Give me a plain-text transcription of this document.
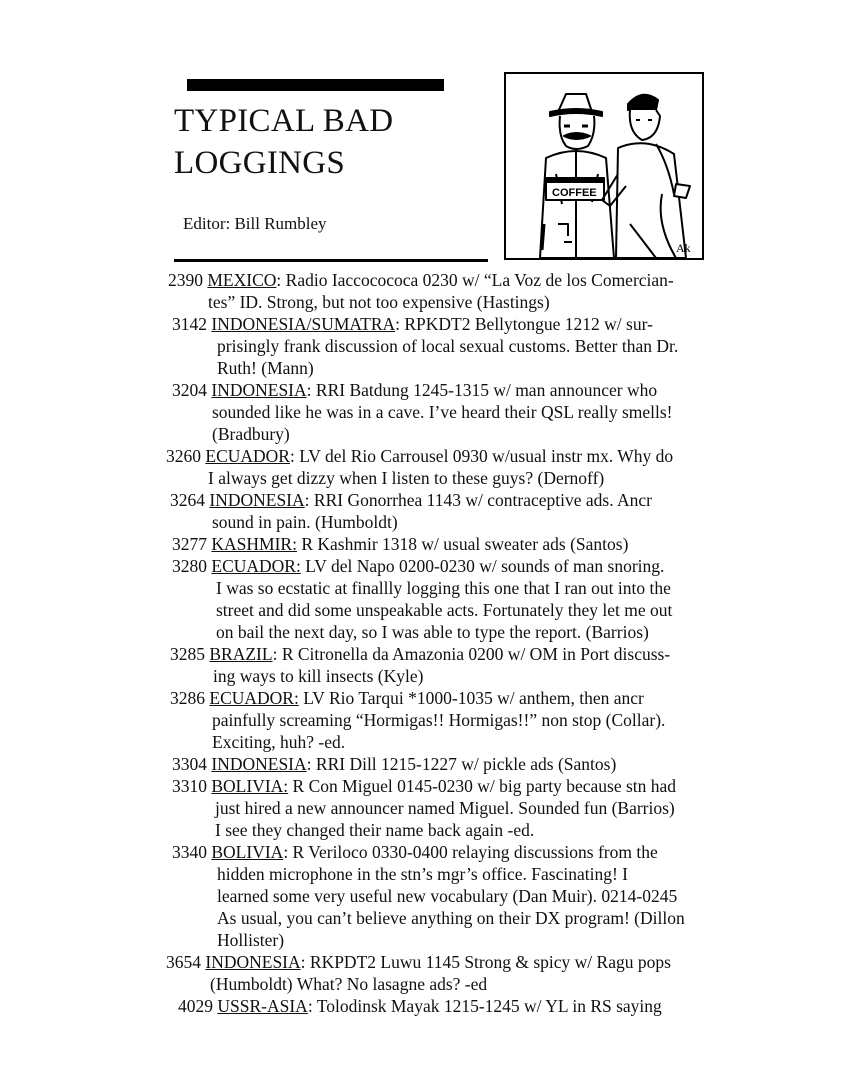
TYPICAL BAD
LOGGINGS
Editor: Bill Rumbley
COFFEE
Ak
2390 MEXICO: Radio Iaccocococa 0230 w/ “La Voz de los Comercian-
tes” ID. Strong, but not too expensive (Hastings)
3142 INDONESIA/SUMATRA: RPKDT2 Bellytongue 1212 w/ sur-
prisingly frank discussion of local sexual customs. Better than Dr.
Ruth! (Mann)
3204 INDONESIA: RRI Batdung 1245-1315 w/ man announcer who
sounded like he was in a cave. I’ve heard their QSL really smells!
(Bradbury)
3260 ECUADOR: LV del Rio Carrousel 0930 w/usual instr mx. Why do
I always get dizzy when I listen to these guys? (Dernoff)
3264 INDONESIA: RRI Gonorrhea 1143 w/ contraceptive ads. Ancr
sound in pain. (Humboldt)
3277 KASHMIR: R Kashmir 1318 w/ usual sweater ads (Santos)
3280 ECUADOR: LV del Napo 0200-0230 w/ sounds of man snoring.
I was so ecstatic at finallly logging this one that I ran out into the
street and did some unspeakable acts. Fortunately they let me out
on bail the next day, so I was able to type the report. (Barrios)
3285 BRAZIL: R Citronella da Amazonia 0200 w/ OM in Port discuss-
ing ways to kill insects (Kyle)
3286 ECUADOR: LV Rio Tarqui *1000-1035 w/ anthem, then ancr
painfully screaming “Hormigas!! Hormigas!!” non stop (Collar).
Exciting, huh? -ed.
3304 INDONESIA: RRI Dill 1215-1227 w/ pickle ads (Santos)
3310 BOLIVIA: R Con Miguel 0145-0230 w/ big party because stn had
just hired a new announcer named Miguel. Sounded fun (Barrios)
I see they changed their name back again -ed.
3340 BOLIVIA: R Veriloco 0330-0400 relaying discussions from the
hidden microphone in the stn’s mgr’s office. Fascinating! I
learned some very useful new vocabulary (Dan Muir). 0214-0245
As usual, you can’t believe anything on their DX program! (Dillon
Hollister)
3654 INDONESIA: RKPDT2 Luwu 1145 Strong & spicy w/ Ragu pops
(Humboldt) What? No lasagne ads? -ed
4029 USSR-ASIA: Tolodinsk Mayak 1215-1245 w/ YL in RS saying
